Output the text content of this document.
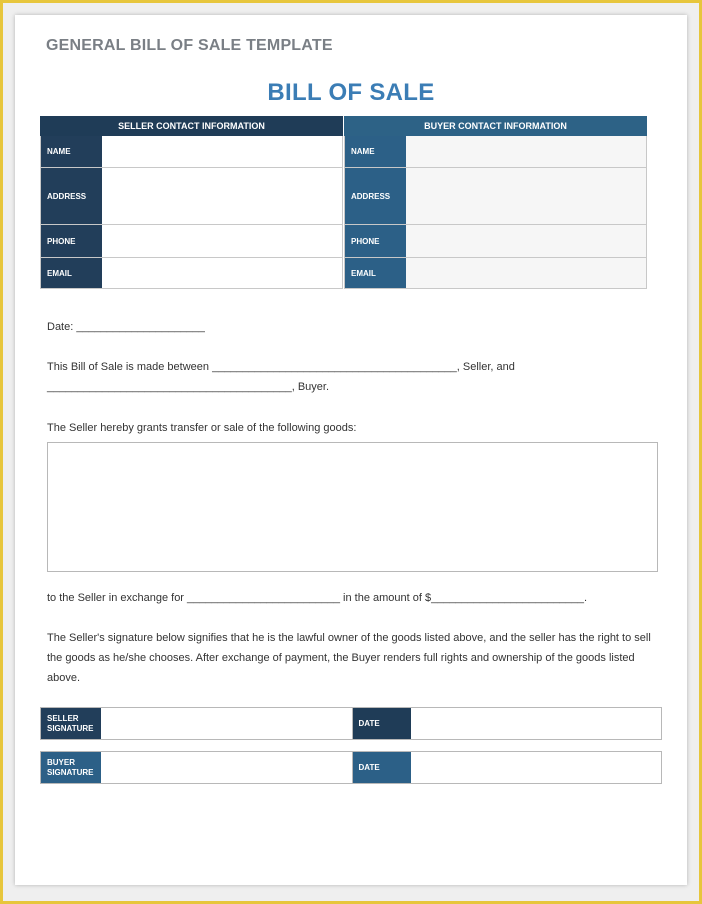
GENERAL BILL OF SALE TEMPLATE
BILL OF SALE
SELLER CONTACT INFORMATION
NAME
ADDRESS
PHONE
EMAIL
BUYER CONTACT INFORMATION
NAME
ADDRESS
PHONE
EMAIL
Date: _____________________
This Bill of Sale is made between ________________________________________, Seller, and
________________________________________, Buyer.
The Seller hereby grants transfer or sale of the following goods:
to the Seller in exchange for _________________________ in the amount of $_________________________.
The Seller's signature below signifies that he is the lawful owner of the goods listed above, and the seller has the right to sell the goods as he/she chooses. After exchange of payment, the Buyer renders full rights and ownership of the goods listed above.
SELLER
SIGNATURE	DATE
BUYER
SIGNATURE	DATE
